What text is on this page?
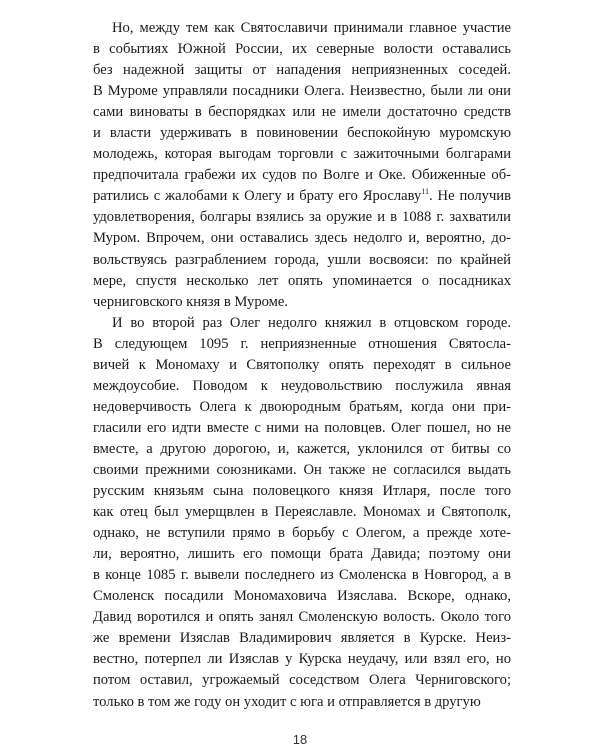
Но, между тем как Святославичи принимали главное участие
в событиях Южной России, их северные волости оставались
без надежной защиты от нападения неприязненных соседей.
В Муроме управляли посадники Олега. Неизвестно, были ли они
сами виноваты в беспорядках или не имели достаточно средств
и власти удерживать в повиновении беспокойную муромскую
молодежь, которая выгодам торговли с зажиточными болгарами
предпочитала грабежи их судов по Волге и Оке. Обиженные об-
ратились с жалобами к Олегу и брату его Ярославу$^{11}$. Не получив
удовлетворения, болгары взялись за оружие и в 1088 г. захватили
Муром. Впрочем, они оставались здесь недолго и, вероятно, до-
вольствуясь разграблением города, ушли восвояси: по крайней
мере, спустя несколько лет опять упоминается о посадниках
черниговского князя в Муроме.
И во второй раз Олег недолго княжил в отцовском городе.
В следующем 1095 г. неприязненные отношения Святосла-
вичей к Мономаху и Святополку опять переходят в сильное
междоусобие. Поводом к неудовольствию послужила явная
недоверчивость Олега к двоюродным братьям, когда они при-
гласили его идти вместе с ними на половцев. Олег пошел, но не
вместе, а другою дорогою, и, кажется, уклонился от битвы со
своими прежними союзниками. Он также не согласился выдать
русским князьям сына половецкого князя Итларя, после того
как отец был умерщвлен в Переяславле. Мономах и Святополк,
однако, не вступили прямо в борьбу с Олегом, а прежде хоте-
ли, вероятно, лишить его помощи брата Давида; поэтому они
в конце 1085 г. вывели последнего из Смоленска в Новгород, а в
Смоленск посадили Мономаховича Изяслава. Вскоре, однако,
Давид воротился и опять занял Смоленскую волость. Около того
же времени Изяслав Владимирович является в Курске. Неиз-
вестно, потерпел ли Изяслав у Курска неудачу, или взял его, но
потом оставил, угрожаемый соседством Олега Черниговского;
только в том же году он уходит с юга и отправляется в другую
18
